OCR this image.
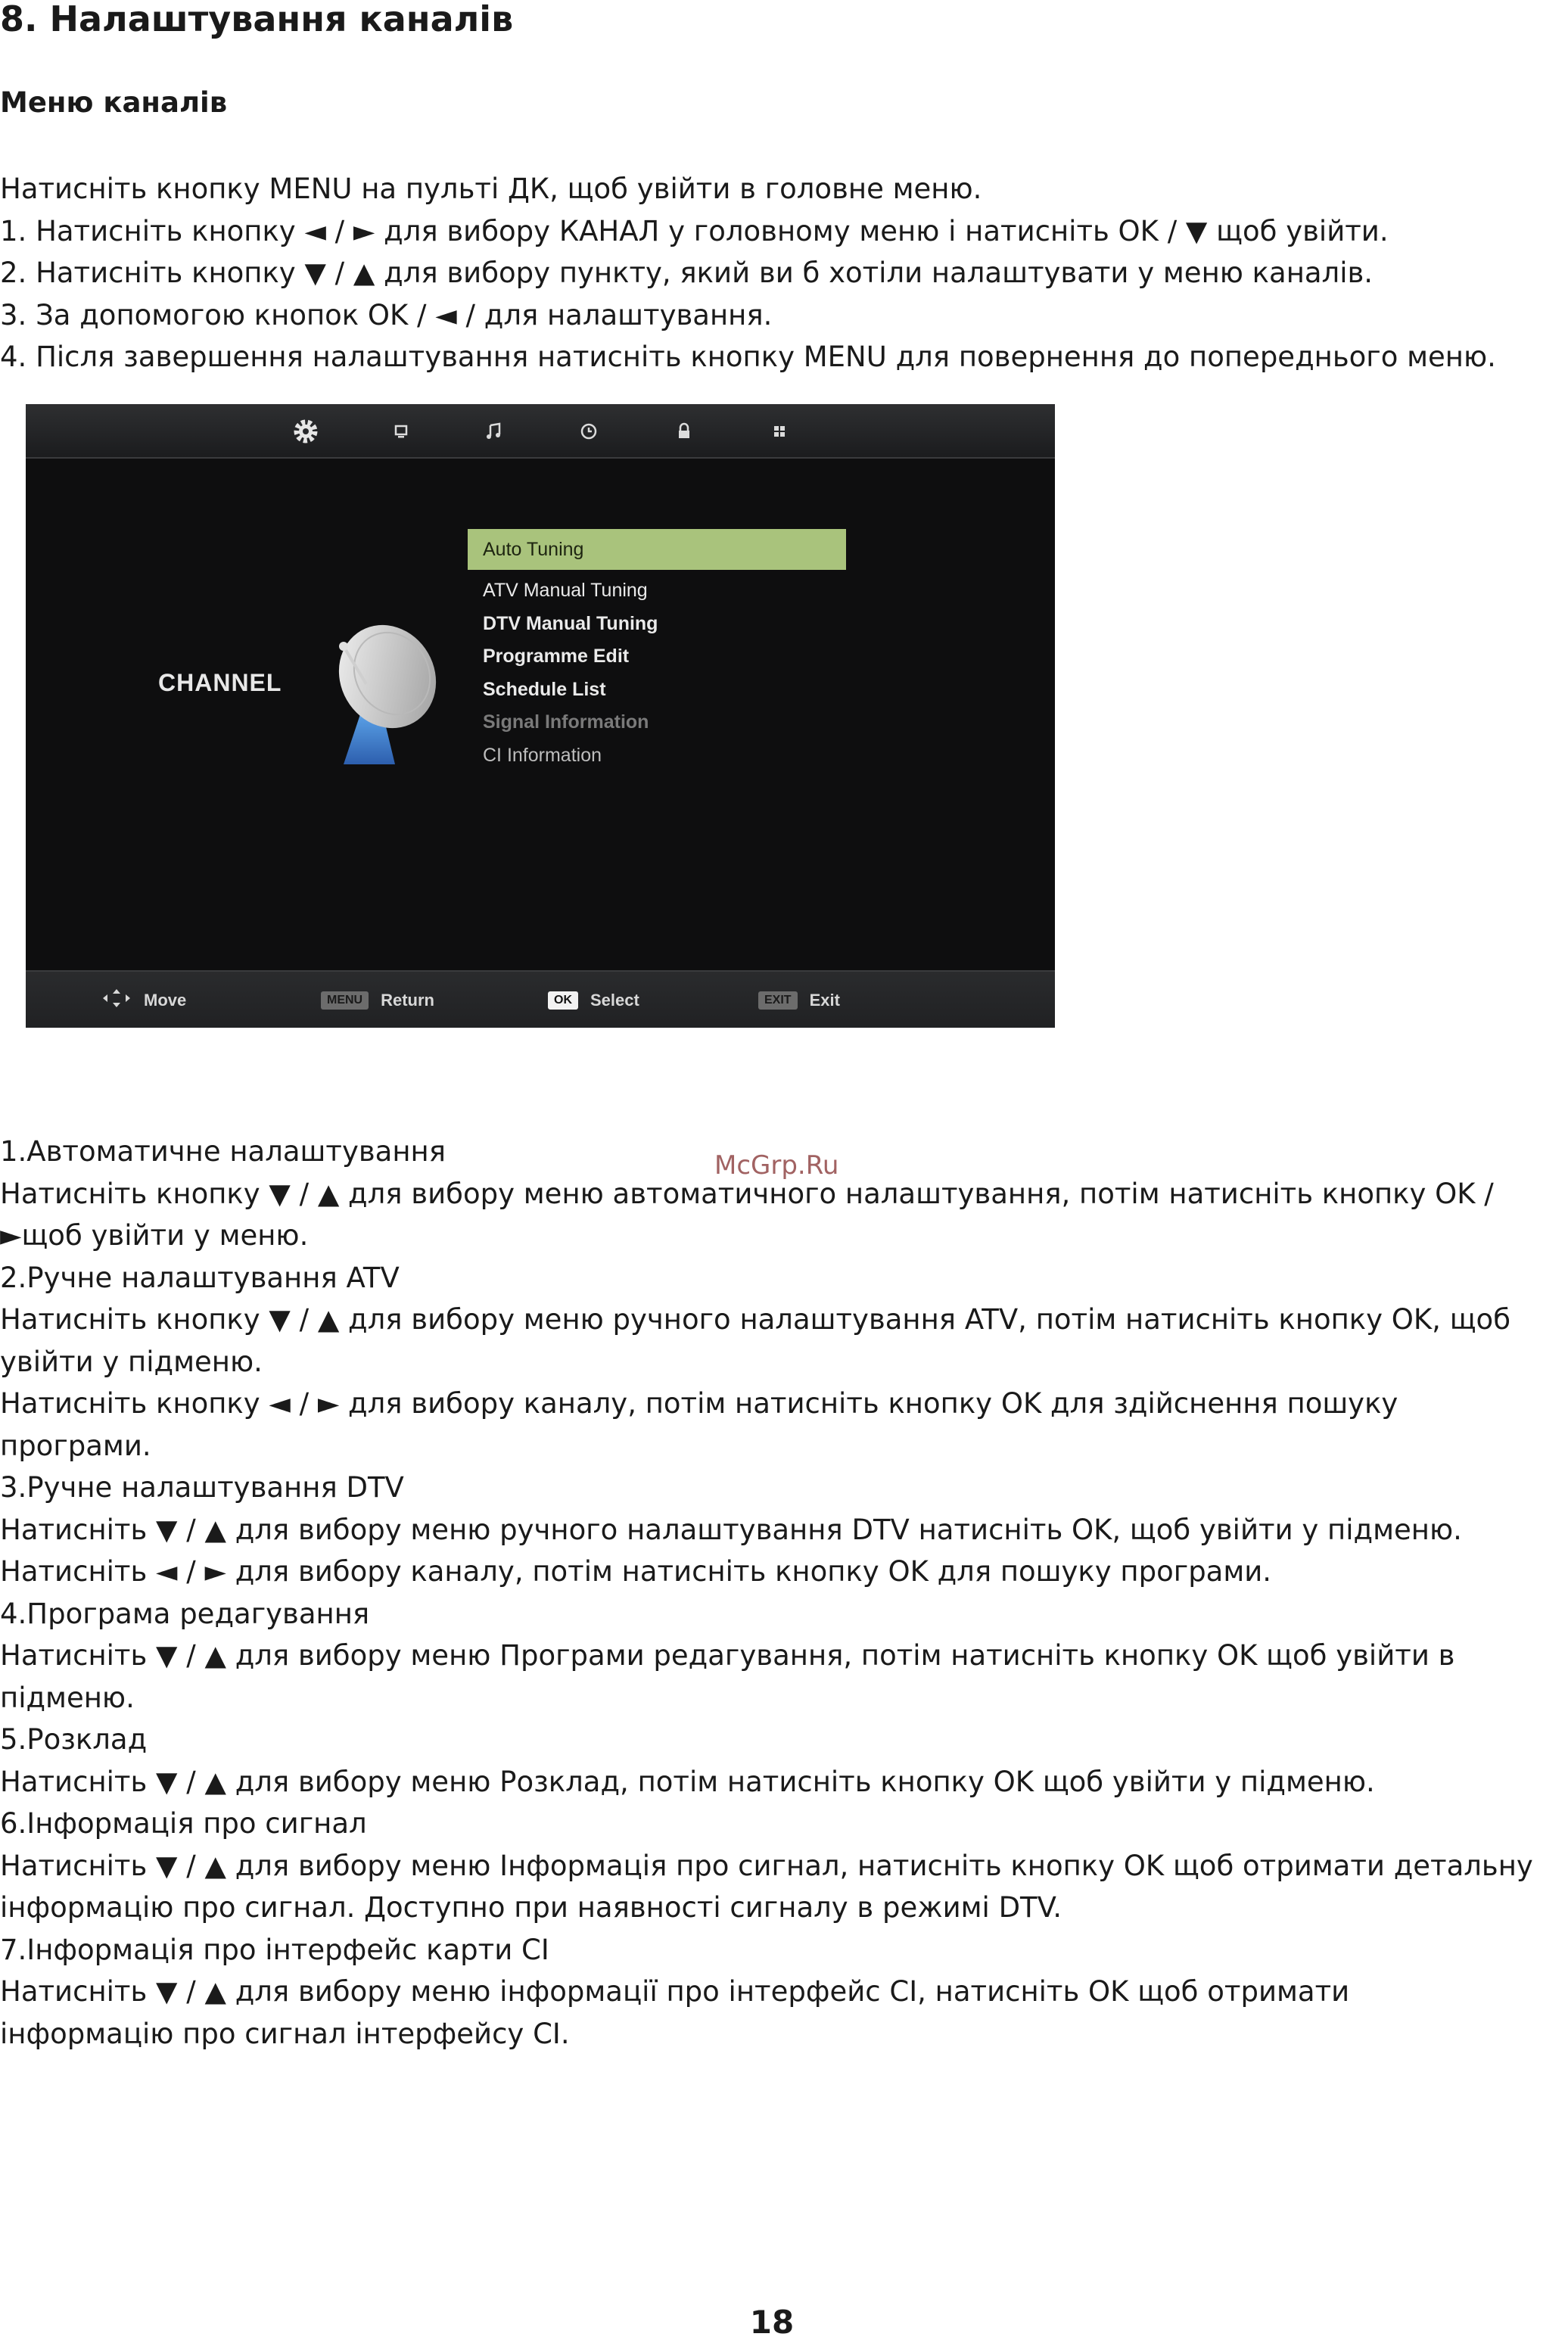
8. Налаштування каналів
Меню каналів
Натисніть кнопку MENU на пульті ДК, щоб увійти в головне меню.
1. Натисніть кнопку ◄ / ► для вибору КАНАЛ у головному меню і натисніть OK / ▼ щоб увійти.
2. Натисніть кнопку ▼ / ▲ для вибору пункту, який ви б хотіли налаштувати у меню каналів.
3. За допомогою кнопок OK / ◄ / для налаштування.
4. Після завершення налаштування натисніть кнопку MENU для повернення до попереднього меню.
CHANNEL
Auto Tuning
ATV Manual Tuning
DTV Manual Tuning
Programme Edit
Schedule List
Signal Information
CI Information
Move	MENU	Return	OK	Select	EXIT	Exit
1.Автоматичне налаштування
Натисніть кнопку ▼ / ▲ для вибору меню автоматичного налаштування, потім натисніть кнопку OK /
►щоб увійти у меню.
2.Ручне налаштування ATV
Натисніть кнопку ▼ / ▲ для вибору меню ручного налаштування ATV, потім натисніть кнопку OK, щоб
увійти у підменю.
Натисніть кнопку ◄ / ► для вибору каналу, потім натисніть кнопку OK для здійснення пошуку
програми.
3.Ручне налаштування DTV
Натисніть ▼ / ▲ для вибору меню ручного налаштування DTV натисніть OK, щоб увійти у підменю.
Натисніть ◄ / ► для вибору каналу, потім натисніть кнопку OK для пошуку програми.
4.Програма редагування
Натисніть ▼ / ▲ для вибору меню Програми редагування, потім натисніть кнопку OK щоб увійти в
підменю.
5.Розклад
Натисніть ▼ / ▲ для вибору меню Розклад, потім натисніть кнопку OK щоб увійти у підменю.
6.Інформація про сигнал
Натисніть ▼ / ▲ для вибору меню Інформація про сигнал, натисніть кнопку OK щоб отримати детальну
інформацію про сигнал. Доступно при наявності сигналу в режимі DTV.
7.Інформація про інтерфейс карти CI
Натисніть ▼ / ▲ для вибору меню інформації про інтерфейс CI, натисніть OK щоб отримати
інформацію про сигнал інтерфейсу CI.
McGrp.Ru
18
